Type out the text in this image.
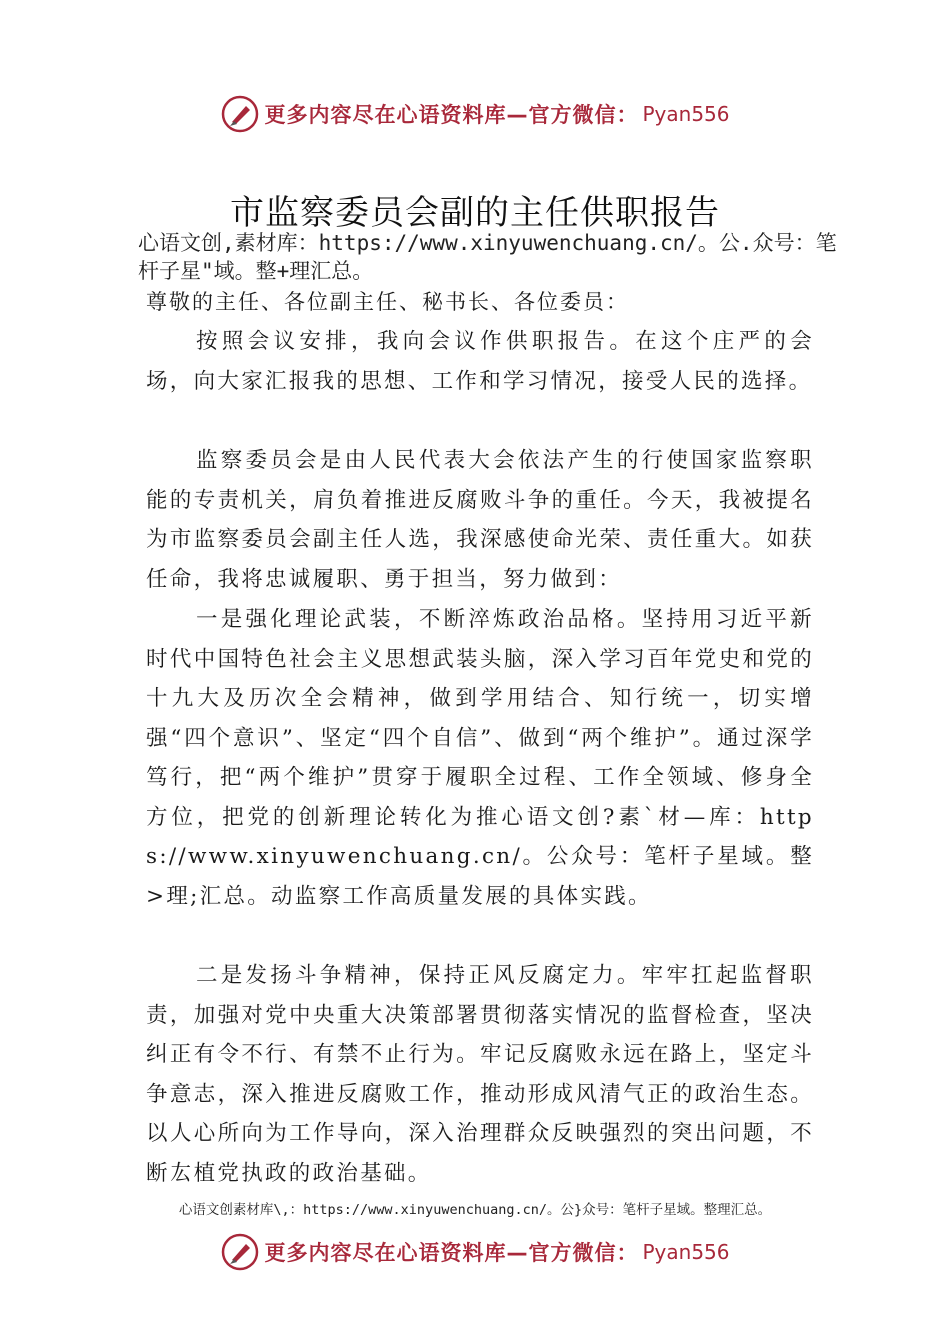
更多内容尽在心语资料库—官方微信： Pyan556
市监察委员会副的主任供职报告
心语文创,素材库：https://www.xinyuwenchuang.cn/。公.众号：笔杆子星"域。整+理汇总。
尊敬的主任、各位副主任、秘书长、各位委员：

按照会议安排，我向会议作供职报告。在这个庄严的会场，向大家汇报我的思想、工作和学习情况，接受人民的选择。

监察委员会是由人民代表大会依法产生的行使国家监察职能的专责机关，肩负着推进反腐败斗争的重任。今天，我被提名为市监察委员会副主任人选，我深感使命光荣、责任重大。如获任命，我将忠诚履职、勇于担当，努力做到：

一是强化理论武装，不断淬炼政治品格。坚持用习近平新时代中国特色社会主义思想武装头脑，深入学习百年党史和党的十九大及历次全会精神，做到学用结合、知行统一，切实增强“四个意识”、坚定“四个自信”、做到“两个维护”。通过深学笃行，把“两个维护”贯穿于履职全过程、工作全领域、修身全方位，把党的创新理论转化为推心语文创?素`材—库：https://www.xinyuwenchuang.cn/。公众号：笔杆子星域。整>理;汇总。动监察工作高质量发展的具体实践。

二是发扬斗争精神，保持正风反腐定力。牢牢扛起监督职责，加强对党中央重大决策部署贯彻落实情况的监督检查，坚决纠正有令不行、有禁不止行为。牢记反腐败永远在路上，坚定斗争意志，深入推进反腐败工作，推动形成风清气正的政治生态。以人心所向为工作导向，深入治理群众反映强烈的突出问题，不断厷植党执政的政治基础。

心语文创素材库\,：https://www.xinyuwenchuang.cn/。公}众号：笔杆子星域。整理汇总。
更多内容尽在心语资料库—官方微信： Pyan556
